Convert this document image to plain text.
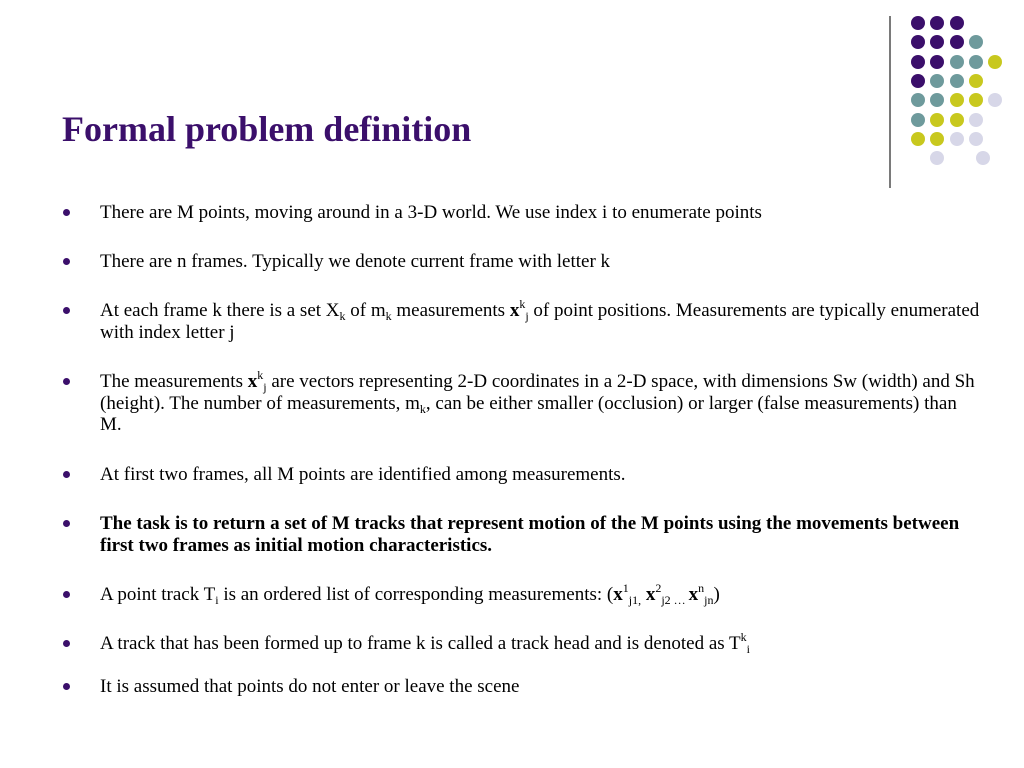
Formal problem definition
There are M points, moving around in a 3-D world. We use index i to enumerate points
There are n frames. Typically we denote current frame with letter k
At each frame k there is a set $X_k$ of $m_k$ measurements $x^k_j$ of point positions. Measurements are typically enumerated with index letter j
The measurements $x^k_j$ are vectors representing 2-D coordinates in a 2-D space, with dimensions Sw (width) and Sh (height). The number of measurements, $m_k$, can be either smaller (occlusion) or larger (false measurements) than M.
At first two frames, all M points are identified among measurements.
The task is to return a set of M tracks that represent motion of the M points using the movements between first two frames as initial motion characteristics.
A point track $T_i$ is an ordered list of corresponding measurements: ($x^1_{j1,}$ $x^2_{j2 \dots}$ $x^n_{jn}$)
A track that has been formed up to frame k is called a track head and is denoted as $T^k_i$
It is assumed that points do not enter or leave the scene
